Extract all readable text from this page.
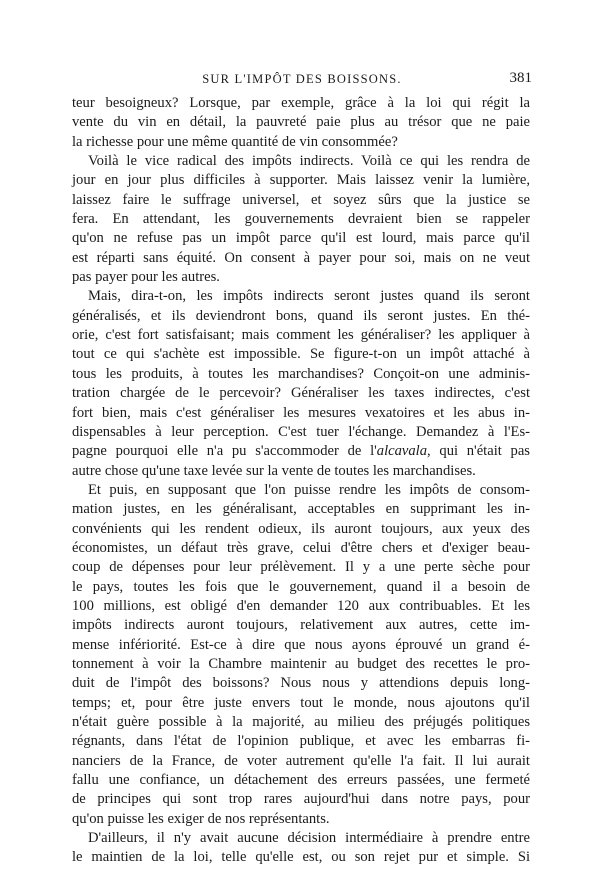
SUR L'IMPÔT DES BOISSONS.	381

teur besoigneux? Lorsque, par exemple, grâce à la loi qui régit la
vente du vin en détail, la pauvreté paie plus au trésor que ne paie
la richesse pour une même quantité de vin consommée?

Voilà le vice radical des impôts indirects. Voilà ce qui les rendra de
jour en jour plus difficiles à supporter. Mais laissez venir la lumière,
laissez faire le suffrage universel, et soyez sûrs que la justice se
fera. En attendant, les gouvernements devraient bien se rappeler
qu'on ne refuse pas un impôt parce qu'il est lourd, mais parce qu'il
est réparti sans équité. On consent à payer pour soi, mais on ne veut
pas payer pour les autres.

Mais, dira-t-on, les impôts indirects seront justes quand ils seront
généralisés, et ils deviendront bons, quand ils seront justes. En thé-
orie, c'est fort satisfaisant; mais comment les généraliser? les appliquer à
tout ce qui s'achète est impossible. Se figure-t-on un impôt attaché à
tous les produits, à toutes les marchandises? Conçoit-on une adminis-
tration chargée de le percevoir? Généraliser les taxes indirectes, c'est
fort bien, mais c'est généraliser les mesures vexatoires et les abus in-
dispensables à leur perception. C'est tuer l'échange. Demandez à l'Es-
pagne pourquoi elle n'a pu s'accommoder de l'alcavala, qui n'était pas
autre chose qu'une taxe levée sur la vente de toutes les marchandises.

Et puis, en supposant que l'on puisse rendre les impôts de consom-
mation justes, en les généralisant, acceptables en supprimant les in-
convénients qui les rendent odieux, ils auront toujours, aux yeux des
économistes, un défaut très grave, celui d'être chers et d'exiger beau-
coup de dépenses pour leur prélèvement. Il y a une perte sèche pour
le pays, toutes les fois que le gouvernement, quand il a besoin de
100 millions, est obligé d'en demander 120 aux contribuables. Et les
impôts indirects auront toujours, relativement aux autres, cette im-
mense infériorité. Est-ce à dire que nous ayons éprouvé un grand é-
tonnement à voir la Chambre maintenir au budget des recettes le pro-
duit de l'impôt des boissons? Nous nous y attendions depuis long-
temps; et, pour être juste envers tout le monde, nous ajoutons qu'il
n'était guère possible à la majorité, au milieu des préjugés politiques
régnants, dans l'état de l'opinion publique, et avec les embarras fi-
nanciers de la France, de voter autrement qu'elle l'a fait. Il lui aurait
fallu une confiance, un détachement des erreurs passées, une fermeté
de principes qui sont trop rares aujourd'hui dans notre pays, pour
qu'on puisse les exiger de nos représentants.

D'ailleurs, il n'y avait aucune décision intermédiaire à prendre entre
le maintien de la loi, telle qu'elle est, ou son rejet pur et simple. Si
